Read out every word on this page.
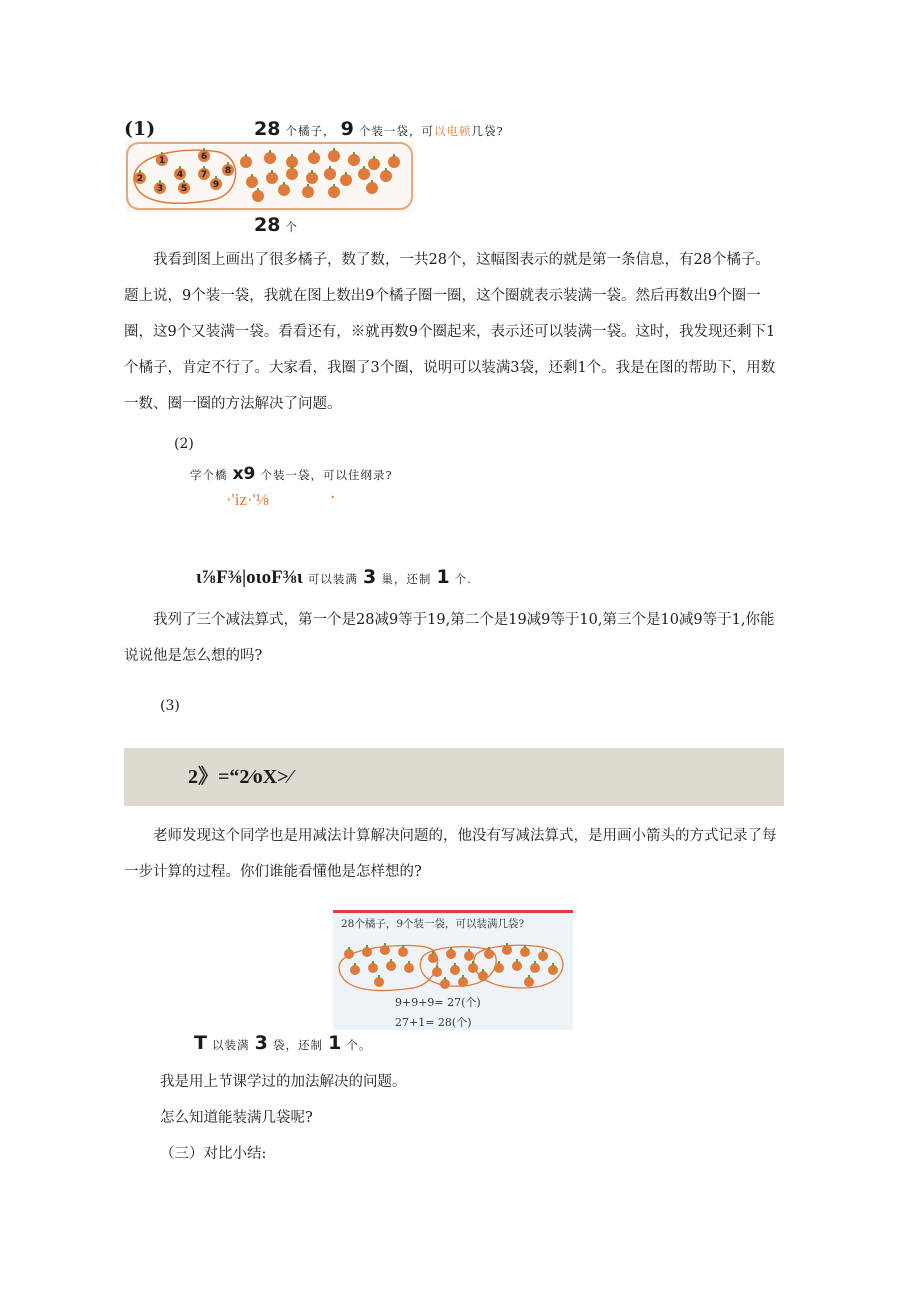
(1)	28 个橘子， 9 个装一袋，可以电顿几袋?
1	6
2	4 7 8
3 5	9
28 个

我看到图上画出了很多橘子，数了数，一共28个，这幅图表示的就是第一条信息，有28个橘子。题上说，9个装一袋，我就在图上数出9个橘子圈一圈，这个圈就表示装满一袋。然后再数出9个圈一圈，这9个又装满一袋。看看还有，※就再数9个圈起来，表示还可以装满一袋。这时，我发现还剩下1个橘子，肯定不行了。大家看，我圈了3个圈，说明可以装满3袋，还剩1个。我是在图的帮助下，用数一数、圈一圈的方法解决了问题。

(2)
学个橋 x9 个装一袋，可以住纲录?
·'iz·'⅛	·
ι⅞F⅜|oιoF⅜ι 可以装满 3 巢，还制 1 个.

我列了三个减法算式，第一个是28减9等于19,第二个是19减9等于10,第三个是10减9等于1,你能说说他是怎么想的吗?

(3)
2》=“2⁄oX>⁄

老师发现这个同学也是用减法计算解决问题的，他没有写减法算式，是用画小箭头的方式记录了每一步计算的过程。你们谁能看懂他是怎样想的?

28个橘子，9个装一袋，可以装满几袋?
9+9+9= 27(个)
27+1= 28(个)
T 以装满 3 袋，还制 1 个。
我是用上节课学过的加法解决的问题。
怎么知道能装满几袋呢?
（三）对比小结:
